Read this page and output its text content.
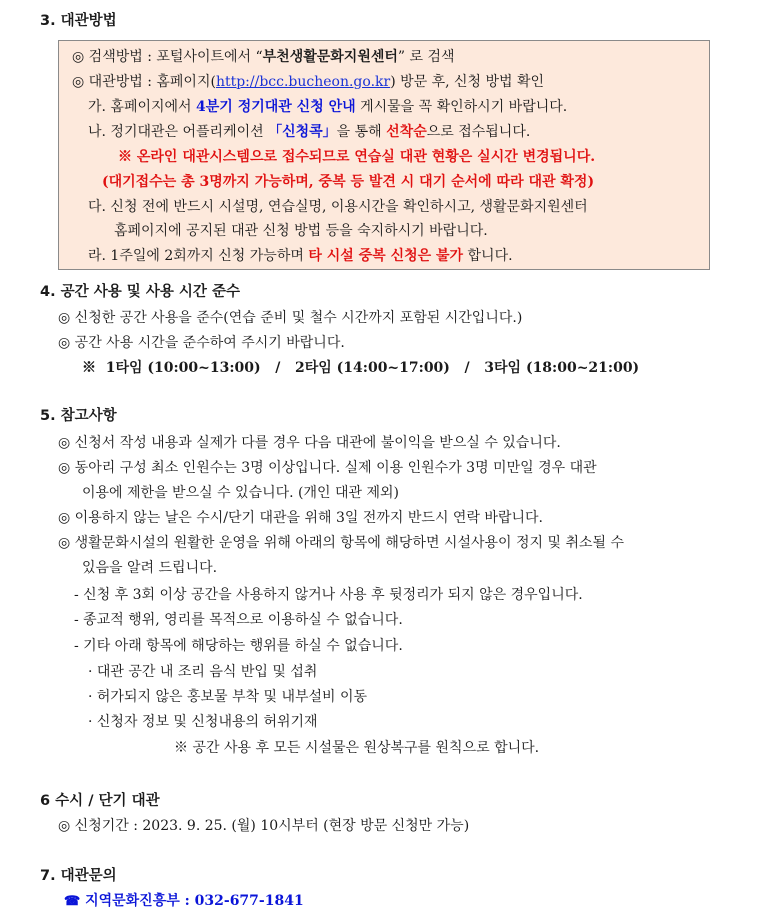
3. 대관방법
◎ 검색방법 : 포털사이트에서 “부천생활문화지원센터” 로 검색
◎ 대관방법 : 홈페이지(http://bcc.bucheon.go.kr) 방문 후, 신청 방법 확인
가. 홈페이지에서 4분기 정기대관 신청 안내 게시물을 꼭 확인하시기 바랍니다.
나. 정기대관은 어플리케이션 「신청콕」을 통해 선착순으로 접수됩니다.
※ 온라인 대관시스템으로 접수되므로 연습실 대관 현황은 실시간 변경됩니다.
(대기접수는 총 3명까지 가능하며, 중복 등 발견 시 대기 순서에 따라 대관 확정)
다. 신청 전에 반드시 시설명, 연습실명, 이용시간을 확인하시고, 생활문화지원센터
홈페이지에 공지된 대관 신청 방법 등을 숙지하시기 바랍니다.
라. 1주일에 2회까지 신청 가능하며 타 시설 중복 신청은 불가 합니다.
4. 공간 사용 및 사용 시간 준수
◎ 신청한 공간 사용을 준수(연습 준비 및 철수 시간까지 포함된 시간입니다.)
◎ 공간 사용 시간을 준수하여 주시기 바랍니다.
※  1타임 (10:00~13:00)   /   2타임 (14:00~17:00)   /   3타임 (18:00~21:00)
5. 참고사항
◎ 신청서 작성 내용과 실제가 다를 경우 다음 대관에 불이익을 받으실 수 있습니다.
◎ 동아리 구성 최소 인원수는 3명 이상입니다. 실제 이용 인원수가 3명 미만일 경우 대관
이용에 제한을 받으실 수 있습니다. (개인 대관 제외)
◎ 이용하지 않는 날은 수시/단기 대관을 위해 3일 전까지 반드시 연락 바랍니다.
◎ 생활문화시설의 원활한 운영을 위해 아래의 항목에 해당하면 시설사용이 정지 및 취소될 수
있음을 알려 드립니다.
- 신청 후 3회 이상 공간을 사용하지 않거나 사용 후 뒷정리가 되지 않은 경우입니다.
- 종교적 행위, 영리를 목적으로 이용하실 수 없습니다.
- 기타 아래 항목에 해당하는 행위를 하실 수 없습니다.
· 대관 공간 내 조리 음식 반입 및 섭취
· 허가되지 않은 홍보물 부착 및 내부설비 이동
· 신청자 정보 및 신청내용의 허위기재
※ 공간 사용 후 모든 시설물은 원상복구를 원칙으로 합니다.
6 수시 / 단기 대관
◎ 신청기간 : 2023. 9. 25. (월) 10시부터 (현장 방문 신청만 가능)
7. 대관문의
☎ 지역문화진흥부 : 032-677-1841
